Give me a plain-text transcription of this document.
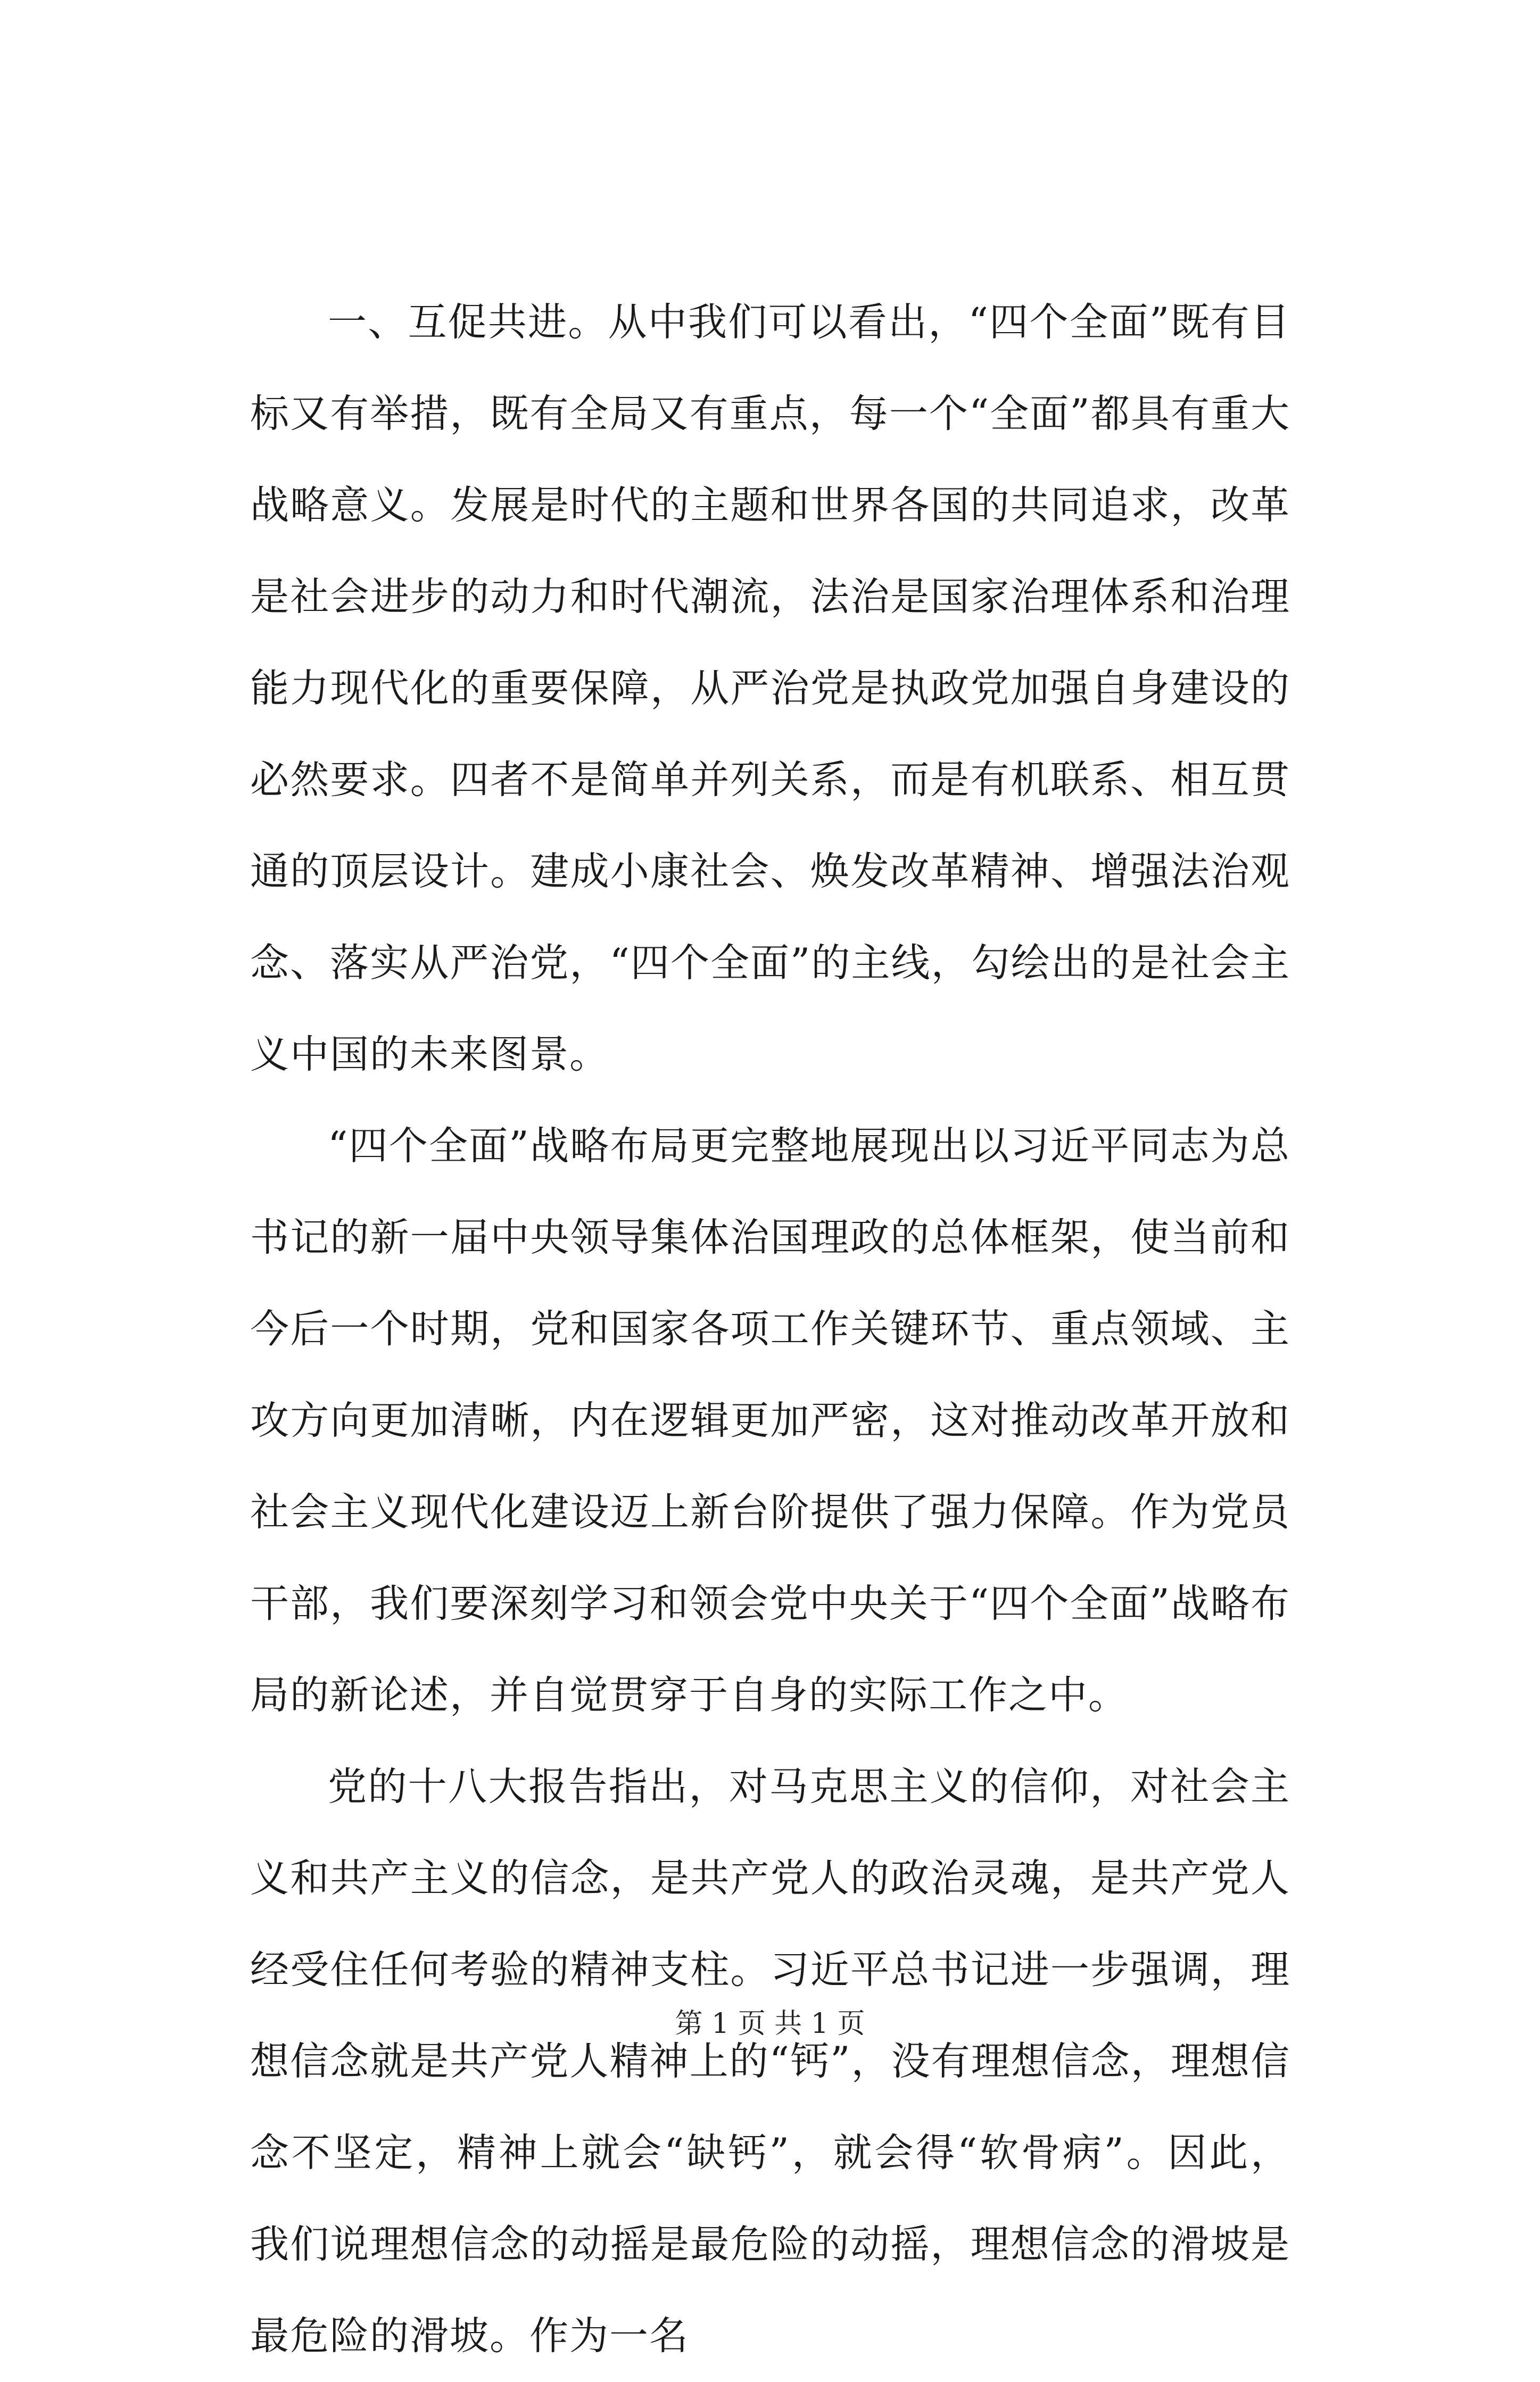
一、互促共进。从中我们可以看出，“四个全面”既有目标又有举措，既有全局又有重点，每一个“全面”都具有重大战略意义。发展是时代的主题和世界各国的共同追求，改革是社会进步的动力和时代潮流，法治是国家治理体系和治理能力现代化的重要保障，从严治党是执政党加强自身建设的必然要求。四者不是简单并列关系，而是有机联系、相互贯通的顶层设计。建成小康社会、焕发改革精神、增强法治观念、落实从严治党，“四个全面”的主线，勾绘出的是社会主义中国的未来图景。

“四个全面”战略布局更完整地展现出以习近平同志为总书记的新一届中央领导集体治国理政的总体框架，使当前和今后一个时期，党和国家各项工作关键环节、重点领域、主攻方向更加清晰，内在逻辑更加严密，这对推动改革开放和社会主义现代化建设迈上新台阶提供了强力保障。作为党员干部，我们要深刻学习和领会党中央关于“四个全面”战略布局的新论述，并自觉贯穿于自身的实际工作之中。

党的十八大报告指出，对马克思主义的信仰，对社会主义和共产主义的信念，是共产党人的政治灵魂，是共产党人经受住任何考验的精神支柱。习近平总书记进一步强调，理想信念就是共产党人精神上的“钙”，没有理想信念，理想信念不坚定，精神上就会“缺钙”，就会得“软骨病”。因此，我们说理想信念的动摇是最危险的动摇，理想信念的滑坡是最危险的滑坡。作为一名

第 1 页 共 1 页
